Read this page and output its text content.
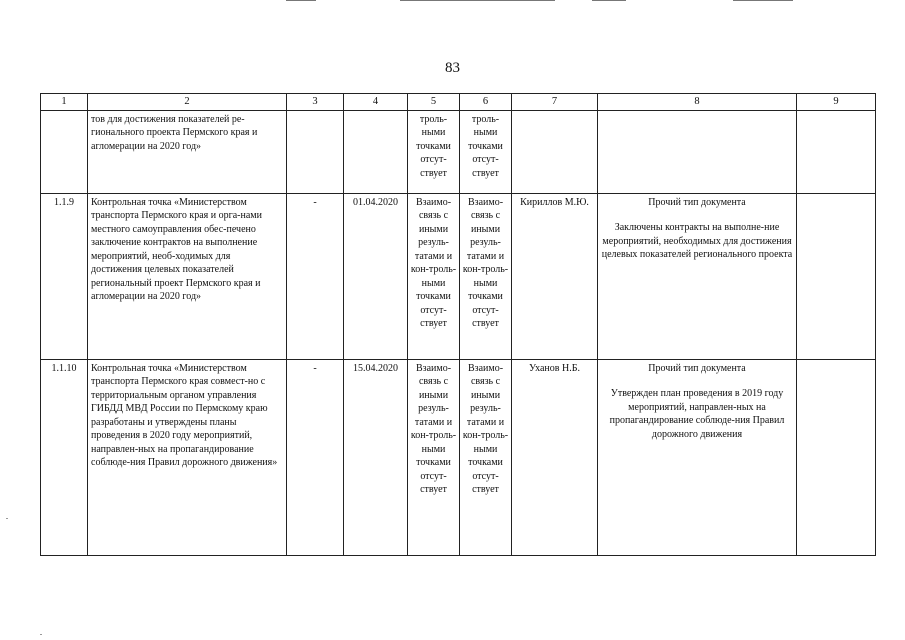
83
1	2	3	4	5	6	7	8	9
	тов для достижения показателей ре-гионального проекта Пермского края и агломерации на 2020 год»			троль-ными точками отсут-ствует	троль-ными точками отсут-ствует		

1.1.9	Контрольная точка «Министерством транспорта Пермского края и орга-нами местного самоуправления обес-печено заключение контрактов на выполнение мероприятий, необ-ходимых для достижения целевых показателей региональный проект Пермского края и агломерации на 2020 год»	-	01.04.2020	Взаимо-связь с иными резуль-татами и кон-троль-ными точками отсут-ствует	Взаимо-связь с иными резуль-татами и кон-троль-ными точками отсут-ствует	Кириллов М.Ю.	Прочий тип документа
Заключены контракты на выполне-ние мероприятий, необходимых для достижения целевых показателей регионального проекта	

1.1.10	Контрольная точка «Министерством транспорта Пермского края совмест-но с территориальным органом управления ГИБДД МВД России по Пермскому краю разработаны и утверждены планы проведения в 2020 году мероприятий, направлен-ных на пропагандирование соблюде-ния Правил дорожного движения»	-	15.04.2020	Взаимо-связь с иными резуль-татами и кон-троль-ными точками отсут-ствует	Взаимо-связь с иными резуль-татами и кон-троль-ными точками отсут-ствует	Уханов Н.Б.	Прочий тип документа
Утвержден план проведения в 2019 году мероприятий, направлен-ных на пропагандирование соблюде-ния Правил дорожного движения	
